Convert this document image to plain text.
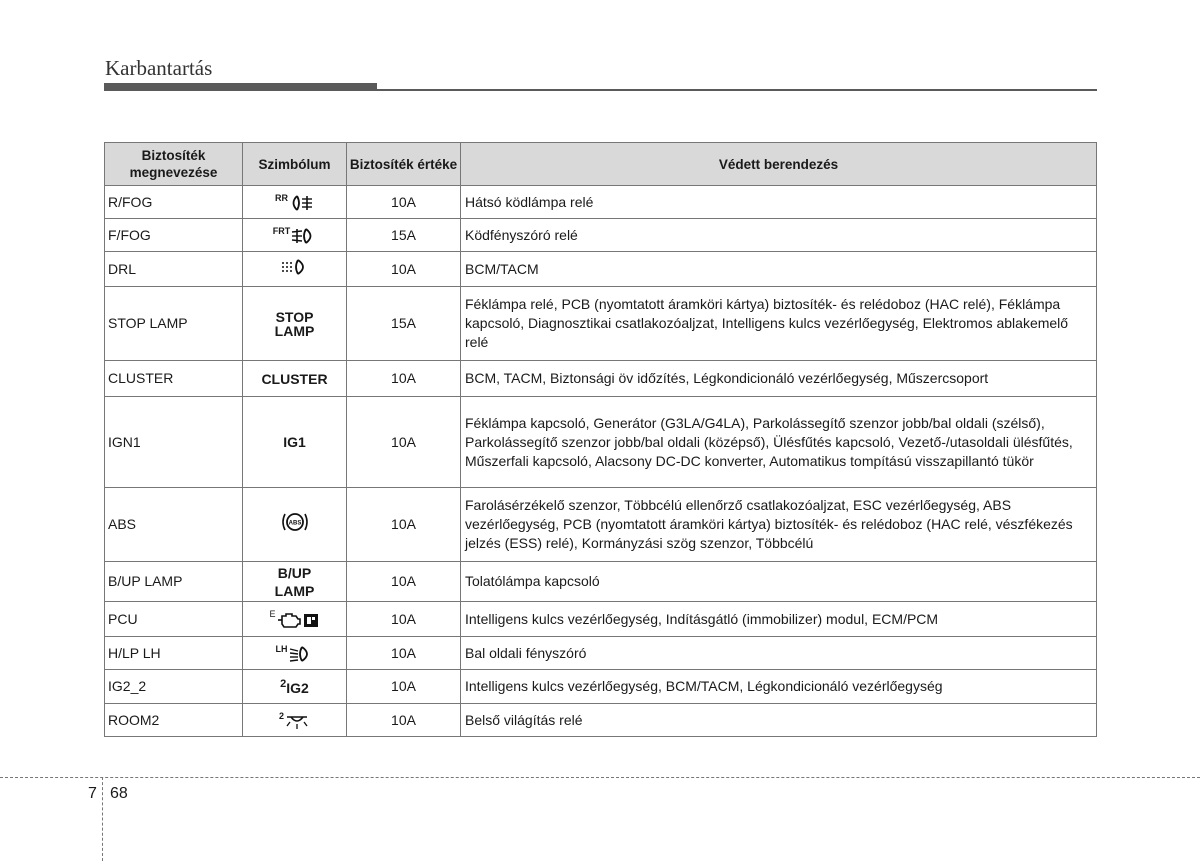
Karbantartás
Biztosíték megnevezése	Szimbólum	Biztosíték értéke	Védett berendezés
R/FOG	RR	10A	Hátsó ködlámpa relé
F/FOG	FRT	15A	Ködfényszóró relé
DRL		10A	BCM/TACM
STOP LAMP	STOP LAMP	15A	Féklámpa relé, PCB (nyomtatott áramköri kártya) biztosíték- és relédoboz (HAC relé), Féklámpa kapcsoló, Diagnosztikai csatlakozóaljzat, Intelligens kulcs vezérlőegység, Elektromos ablakemelő relé
CLUSTER	CLUSTER	10A	BCM, TACM, Biztonsági öv időzítés, Légkondicionáló vezérlőegység, Műszercsoport
IGN1	IG1	10A	Féklámpa kapcsoló, Generátor (G3LA/G4LA), Parkolássegítő szenzor jobb/bal oldali (szélső), Parkolássegítő szenzor jobb/bal oldali (középső), Ülésfűtés kapcsoló, Vezető-/utasoldali ülésfűtés, Műszerfali kapcsoló, Alacsony DC-DC konverter, Automatikus tompítású visszapillantó tükör
ABS	ABS	10A	Farolásérzékelő szenzor, Többcélú ellenőrző csatlakozóaljzat, ESC vezérlőegység, ABS vezérlőegység, PCB (nyomtatott áramköri kártya) biztosíték- és relédoboz (HAC relé, vészfékezés jelzés (ESS) relé), Kormányzási szög szenzor, Többcélú
B/UP LAMP	B/UP LAMP	10A	Tolatólámpa kapcsoló
PCU	E	10A	Intelligens kulcs vezérlőegység, Indításgátló (immobilizer) modul, ECM/PCM
H/LP LH	LH	10A	Bal oldali fényszóró
IG2_2	2 IG2	10A	Intelligens kulcs vezérlőegység, BCM/TACM, Légkondicionáló vezérlőegység
ROOM2	2	10A	Belső világítás relé
7 68
